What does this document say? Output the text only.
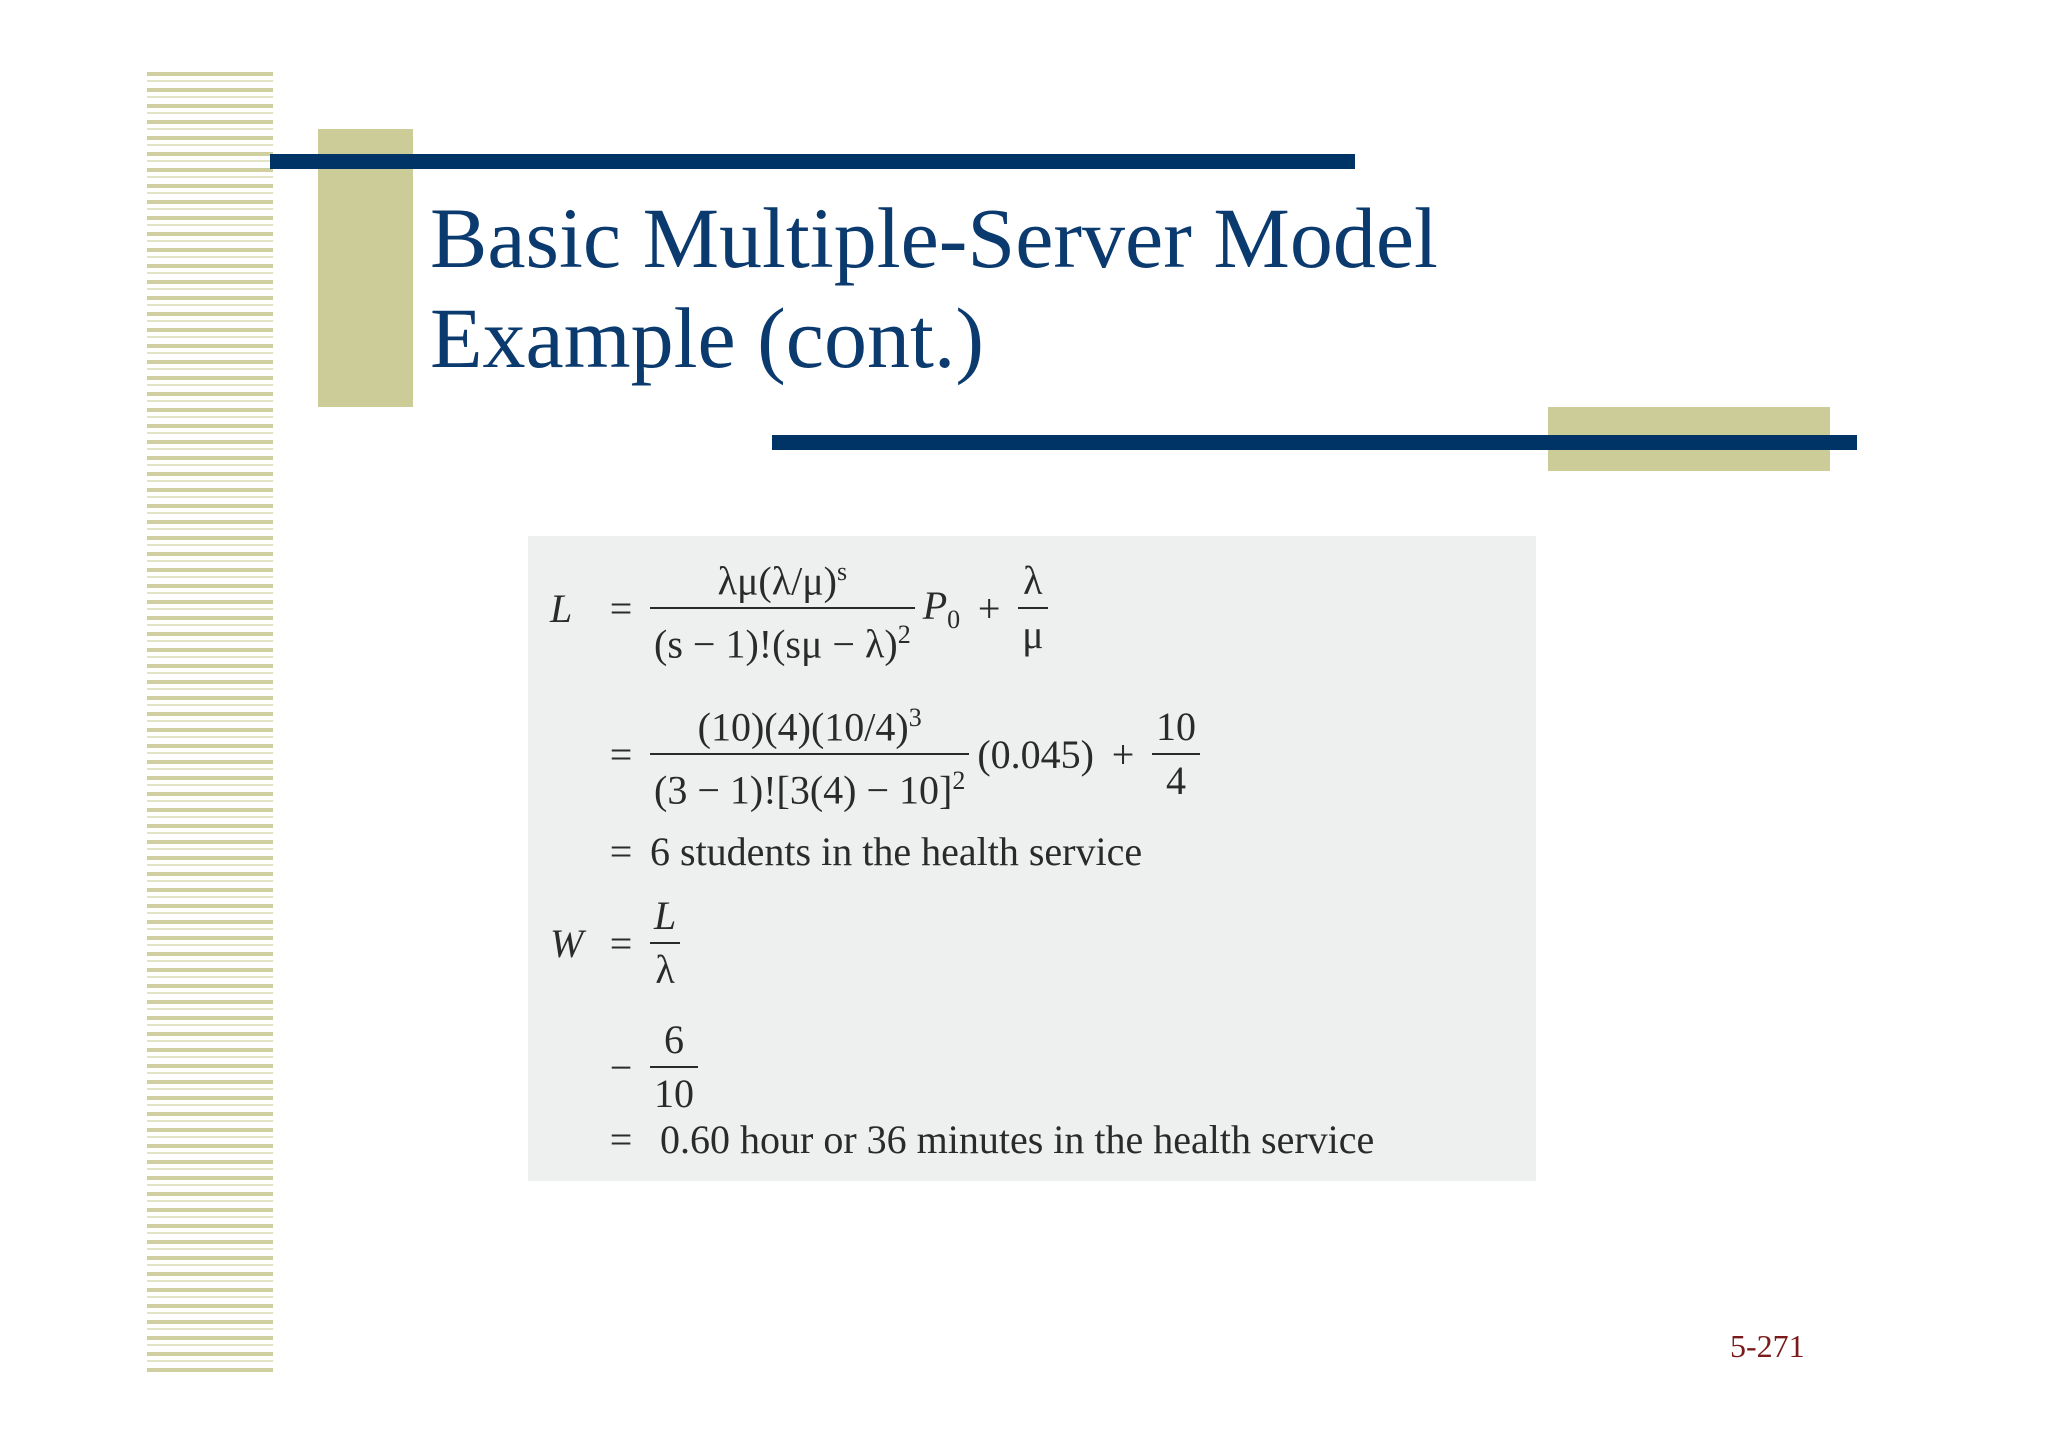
Basic Multiple-Server Model
Example (cont.)
$L = \frac{\lambda\mu(\lambda/\mu)^s}{(s - 1)!(s\mu - \lambda)^2} P_0 + \frac{\lambda}{\mu}$
= $\frac{(10)(4)(10/4)^3}{(3 - 1)![3(4) - 10]^2} (0.045) + \frac{10}{4}$
= 6 students in the health service
$W = \frac{L}{\lambda}$
− $\frac{6}{10}$
= 0.60 hour or 36 minutes in the health service
5-271
